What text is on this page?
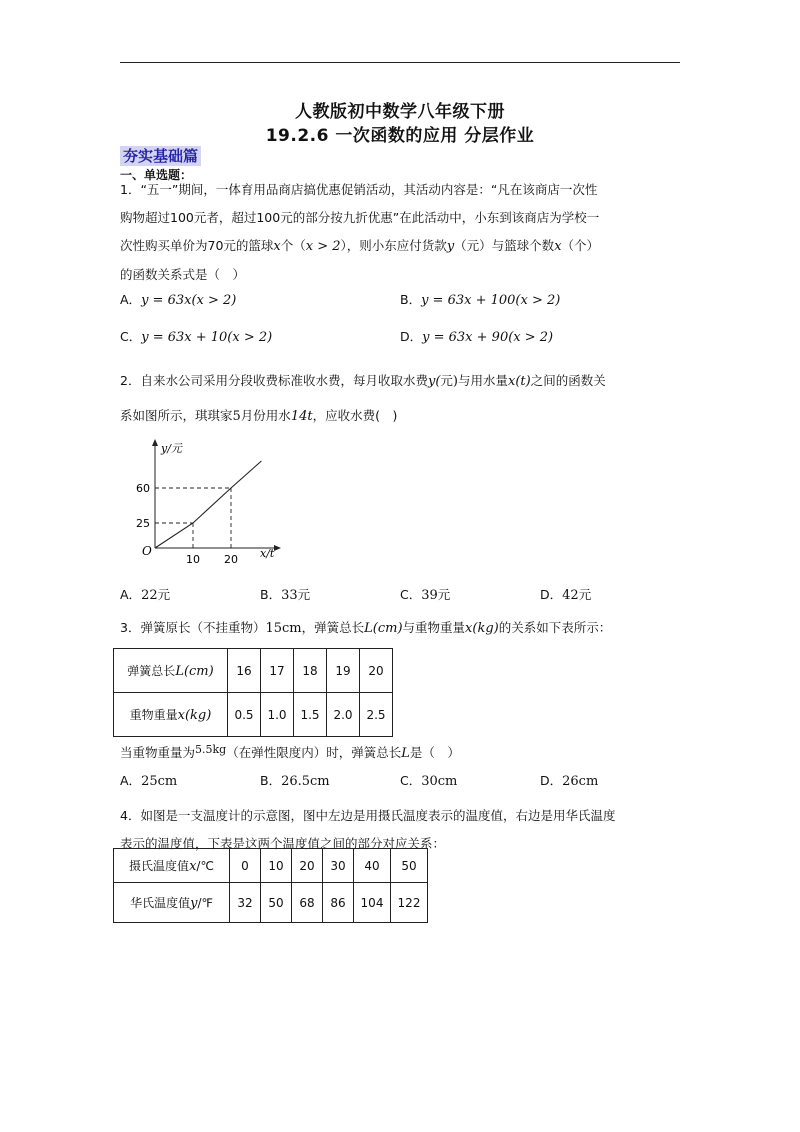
人教版初中数学八年级下册
19.2.6 一次函数的应用 分层作业
夯实基础篇
一、单选题：
1．“五一”期间，一体育用品商店搞优惠促销活动，其活动内容是：“凡在该商店一次性
购物超过100元者，超过100元的部分按九折优惠”在此活动中，小东到该商店为学校一
次性购买单价为70元的篮球x个（x > 2），则小东应付货款y（元）与篮球个数x（个）
的函数关系式是（　）
A．y = 63x(x > 2)	B．y = 63x + 100(x > 2)
C．y = 63x + 10(x > 2)	D．y = 63x + 90(x > 2)
2．自来水公司采用分段收费标准收水费，每月收取水费y(元)与用水量x(t)之间的函数关
系如图所示，琪琪家5月份用水14t，应收水费(　)
10 20
25
60
y/元
x/t
O
A．22元	B．33元	C．39元	D．42元
3．弹簧原长（不挂重物）15cm，弹簧总长L(cm)与重物重量x(kg)的关系如下表所示：
弹簧总长L(cm)	16	17	18	19	20
重物重量x(kg)	0.5	1.0	1.5	2.0	2.5
当重物重量为5.5kg（在弹性限度内）时，弹簧总长L是（　）
A．25cm	B．26.5cm	C．30cm	D．26cm
4．如图是一支温度计的示意图，图中左边是用摄氏温度表示的温度值，右边是用华氏温度
表示的温度值，下表是这两个温度值之间的部分对应关系：
摄氏温度值x/℃	0	10	20	30	40	50
华氏温度值y/℉	32	50	68	86	104	122
